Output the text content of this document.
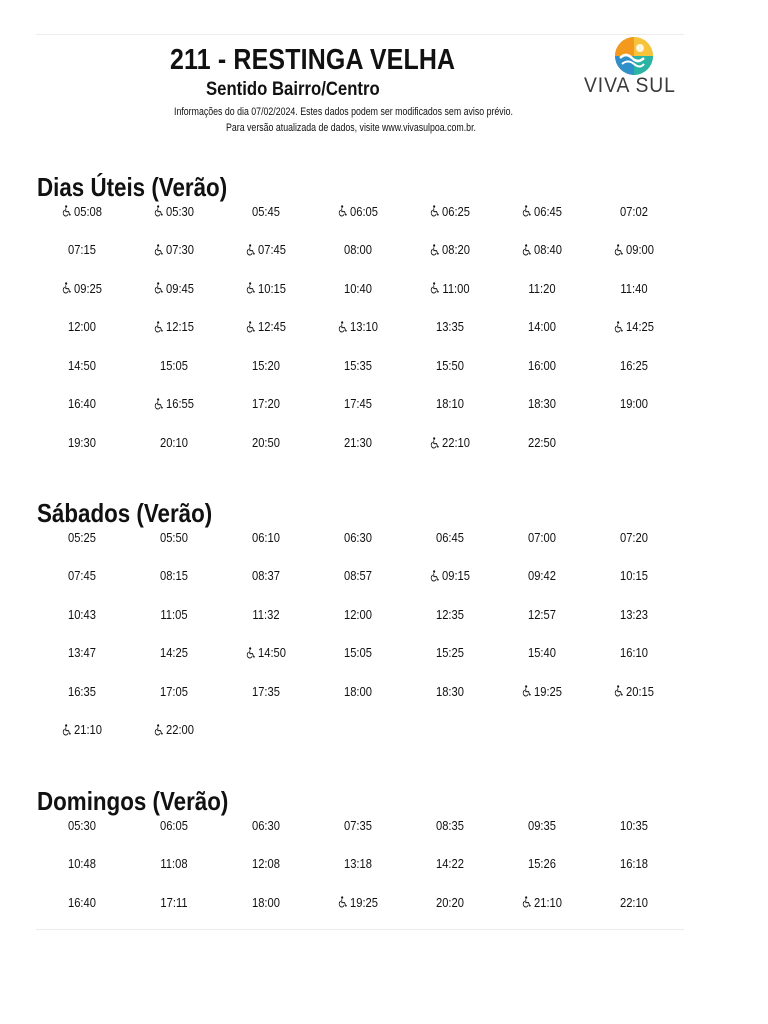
211 - RESTINGA VELHA
Sentido Bairro/Centro
Informações do dia 07/02/2024. Estes dados podem ser modificados sem aviso prévio.
Para versão atualizada de dados, visite www.vivasulpoa.com.br.
VIVA SUL
Dias Úteis (Verão)
05:08	05:30	05:45	06:05	06:25	06:45	07:02
07:15	07:30	07:45	08:00	08:20	08:40	09:00
09:25	09:45	10:15	10:40	11:00	11:20	11:40
12:00	12:15	12:45	13:10	13:35	14:00	14:25
14:50	15:05	15:20	15:35	15:50	16:00	16:25
16:40	16:55	17:20	17:45	18:10	18:30	19:00
19:30	20:10	20:50	21:30	22:10	22:50
Sábados (Verão)
05:25	05:50	06:10	06:30	06:45	07:00	07:20
07:45	08:15	08:37	08:57	09:15	09:42	10:15
10:43	11:05	11:32	12:00	12:35	12:57	13:23
13:47	14:25	14:50	15:05	15:25	15:40	16:10
16:35	17:05	17:35	18:00	18:30	19:25	20:15
21:10	22:00
Domingos (Verão)
05:30	06:05	06:30	07:35	08:35	09:35	10:35
10:48	11:08	12:08	13:18	14:22	15:26	16:18
16:40	17:11	18:00	19:25	20:20	21:10	22:10
